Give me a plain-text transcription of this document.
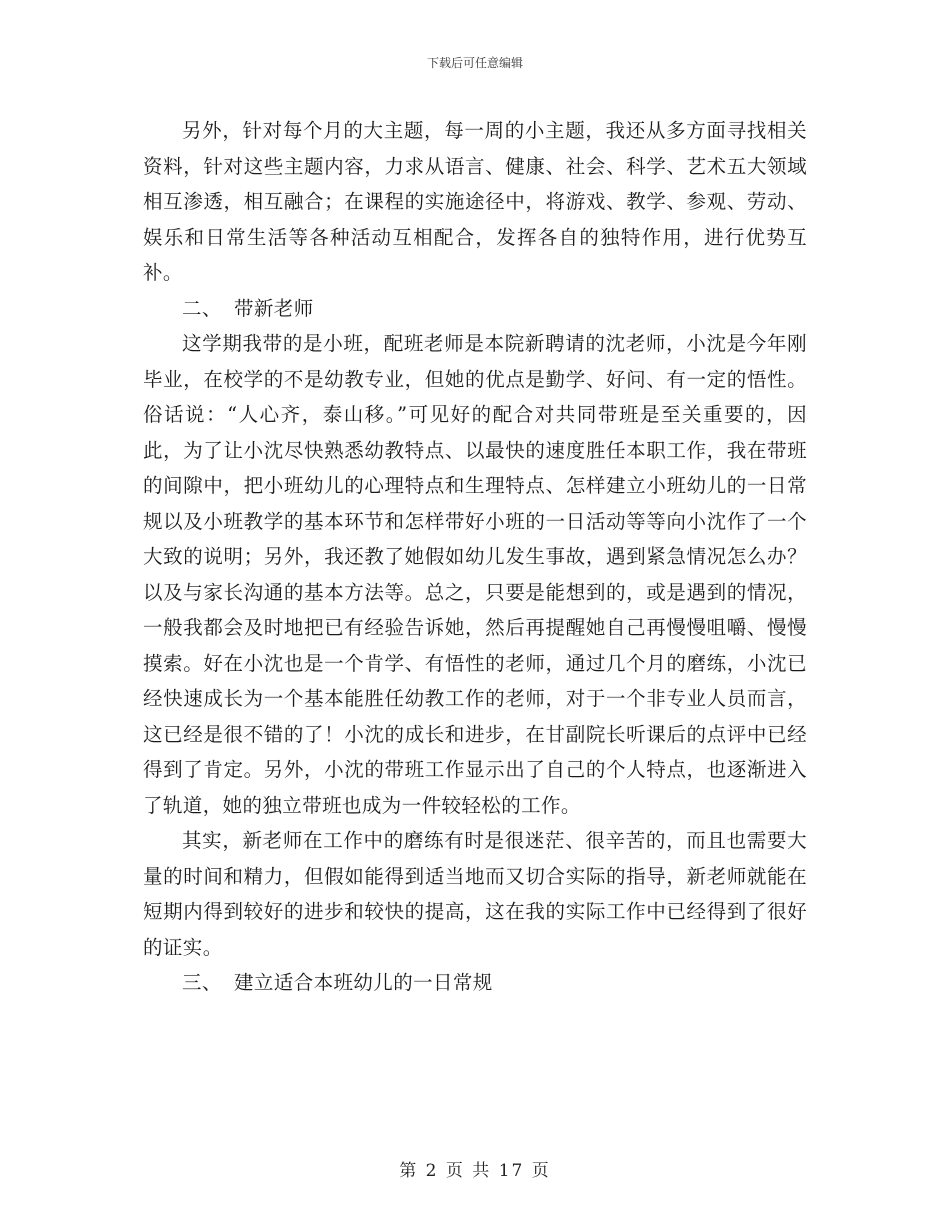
下载后可任意编辑

另外，针对每个月的大主题，每一周的小主题，我还从多方面寻找相关资料，针对这些主题内容，力求从语言、健康、社会、科学、艺术五大领域相互渗透，相互融合；在课程的实施途径中，将游戏、教学、参观、劳动、娱乐和日常生活等各种活动互相配合，发挥各自的独特作用，进行优势互补。

二、 带新老师

这学期我带的是小班，配班老师是本院新聘请的沈老师，小沈是今年刚毕业，在校学的不是幼教专业，但她的优点是勤学、好问、有一定的悟性。俗话说：“人心齐，泰山移。”可见好的配合对共同带班是至关重要的，因此，为了让小沈尽快熟悉幼教特点、以最快的速度胜任本职工作，我在带班的间隙中，把小班幼儿的心理特点和生理特点、怎样建立小班幼儿的一日常规以及小班教学的基本环节和怎样带好小班的一日活动等等向小沈作了一个大致的说明；另外，我还教了她假如幼儿发生事故，遇到紧急情况怎么办？以及与家长沟通的基本方法等。总之，只要是能想到的，或是遇到的情况，一般我都会及时地把已有经验告诉她，然后再提醒她自己再慢慢咀嚼、慢慢摸索。好在小沈也是一个肯学、有悟性的老师，通过几个月的磨练，小沈已经快速成长为一个基本能胜任幼教工作的老师，对于一个非专业人员而言，这已经是很不错的了！小沈的成长和进步，在甘副院长听课后的点评中已经得到了肯定。另外，小沈的带班工作显示出了自己的个人特点，也逐渐进入了轨道，她的独立带班也成为一件较轻松的工作。

其实，新老师在工作中的磨练有时是很迷茫、很辛苦的，而且也需要大量的时间和精力，但假如能得到适当地而又切合实际的指导，新老师就能在短期内得到较好的进步和较快的提高，这在我的实际工作中已经得到了很好的证实。

三、 建立适合本班幼儿的一日常规

第 2 页 共 17 页
